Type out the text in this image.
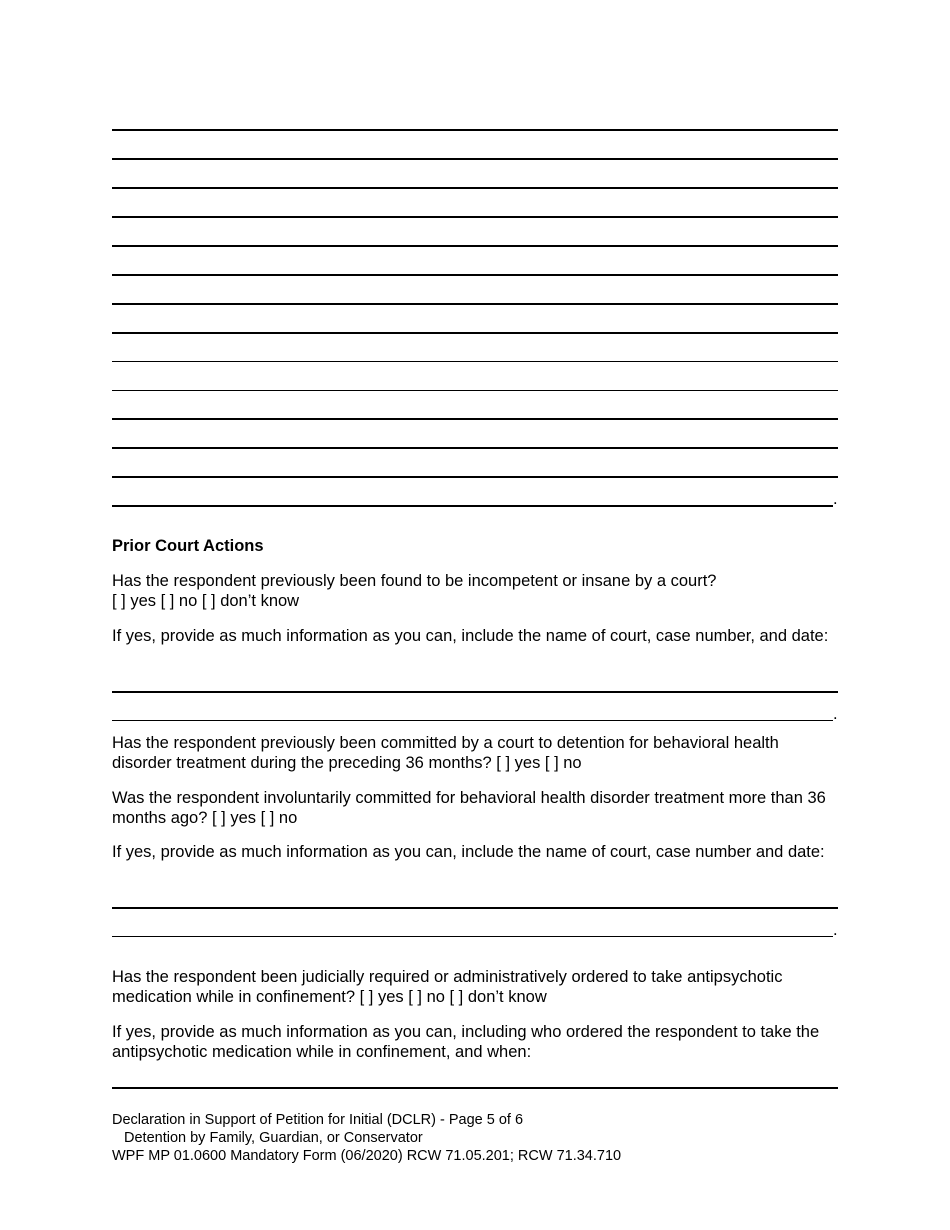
.

Prior Court Actions

Has the respondent previously been found to be incompetent or insane by a court?

[ ] yes [ ] no [ ] don’t know

If yes, provide as much information as you can, include the name of court, case number, and date:

.

Has the respondent previously been committed by a court to detention for behavioral health disorder treatment during the preceding 36 months? [ ] yes [ ] no

Was the respondent involuntarily committed for behavioral health disorder treatment more than 36 months ago? [ ] yes [ ] no

If yes, provide as much information as you can, include the name of court, case number and date:

.

Has the respondent been judicially required or administratively ordered to take antipsychotic medication while in confinement? [ ] yes [ ] no [ ] don’t know

If yes, provide as much information as you can, including who ordered the respondent to take the antipsychotic medication while in confinement, and when:

Declaration in Support of Petition for Initial (DCLR) - Page 5 of 6

Detention by Family, Guardian, or Conservator

WPF MP 01.0600 Mandatory Form (06/2020) RCW 71.05.201; RCW 71.34.710
